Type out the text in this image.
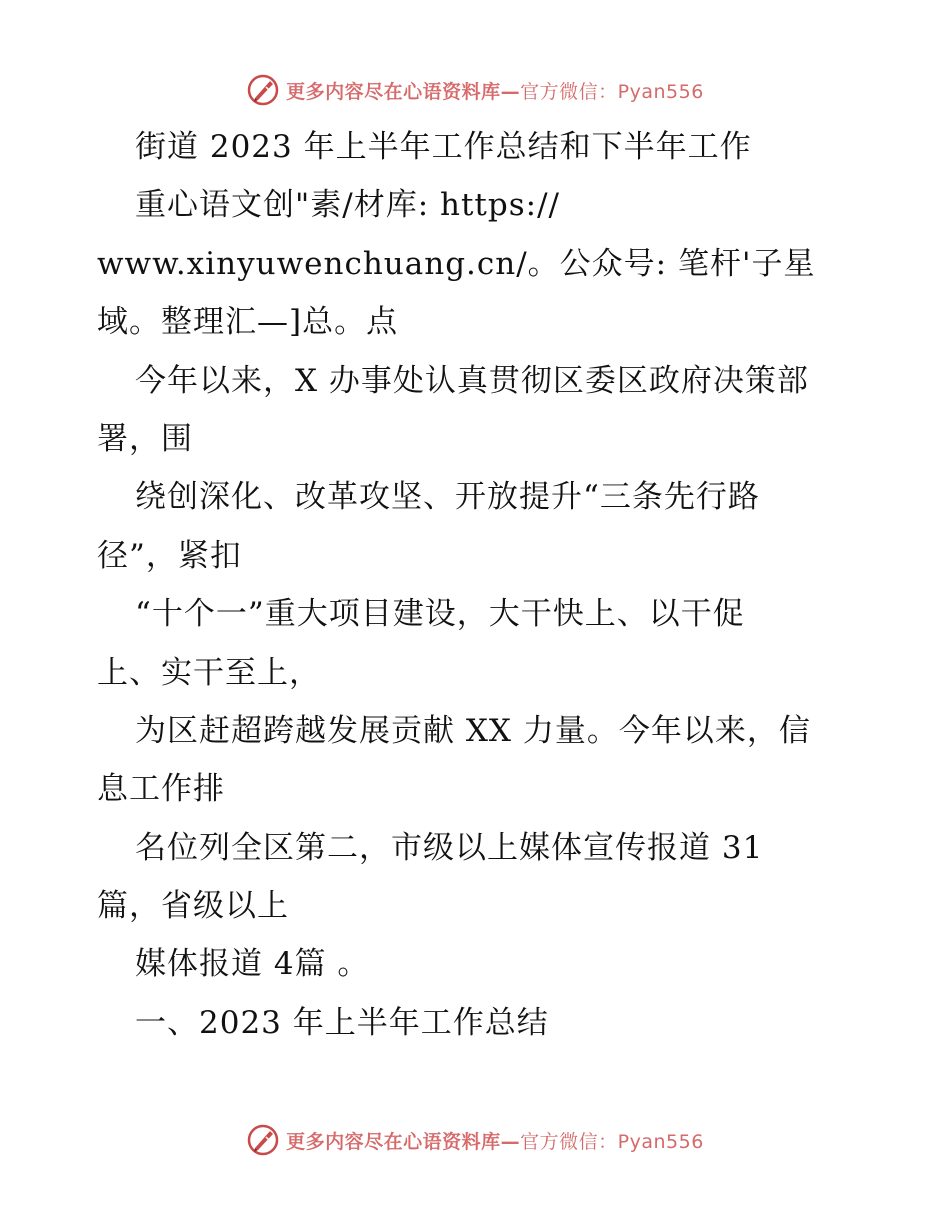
更多内容尽在心语资料库—官方微信：Pyan556
街道 2023 年上半年工作总结和下半年工作
重心语文创"素/材库: https://
www.xinyuwenchuang.cn/。公众号: 笔杆'子星
域。整理汇—]总。点
今年以来，X 办事处认真贯彻区委区政府决策部
署，围
绕创深化、改革攻坚、开放提升“三条先行路
径”，紧扣
“十个一”重大项目建设，大干快上、以干促
上、实干至上，
为区赶超跨越发展贡献 XX 力量。今年以来，信
息工作排
名位列全区第二，市级以上媒体宣传报道 31
篇，省级以上
媒体报道 4篇 。
一、2023 年上半年工作总结
更多内容尽在心语资料库—官方微信：Pyan556
